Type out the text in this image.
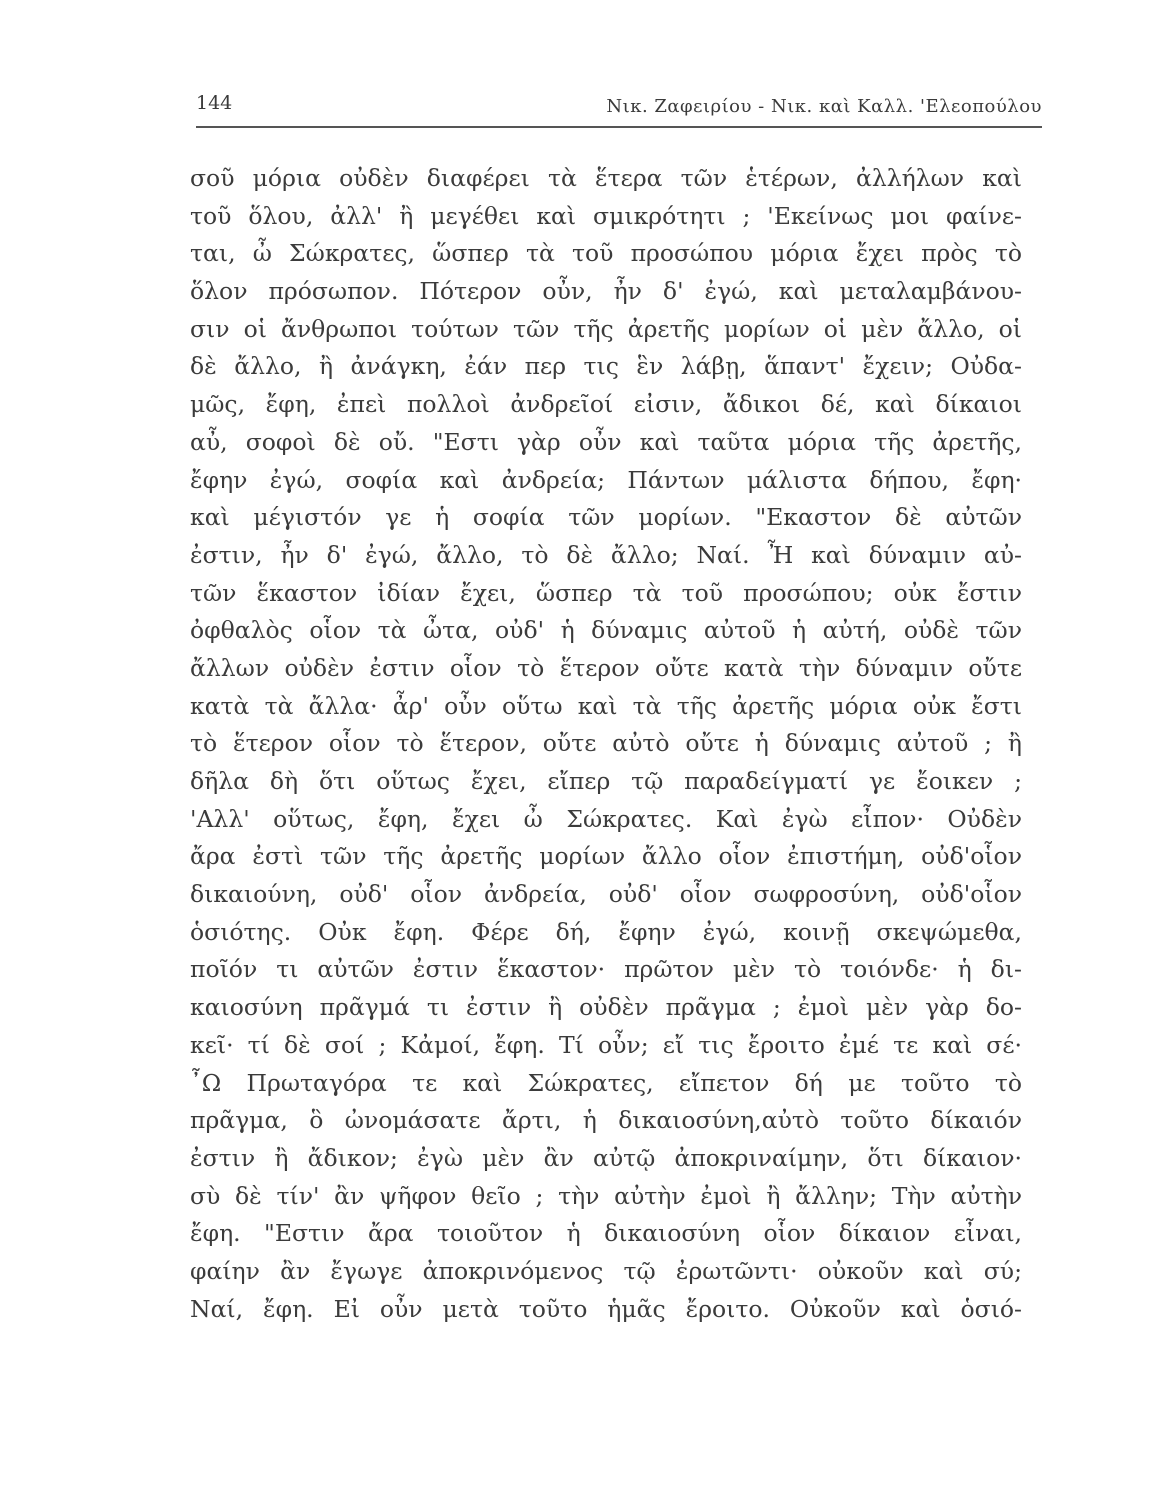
144	Νικ. Ζαφειρίου - Νικ. καὶ Καλλ. 'Ελεοπούλου
σοῦ μόρια οὐδὲν διαφέρει τὰ ἕτερα τῶν ἑτέρων, ἀλλήλων καὶ
τοῦ ὅλου, ἀλλ' ἢ μεγέθει καὶ σμικρότητι ; 'Εκείνως μοι φαίνε-
ται, ὦ Σώκρατες, ὥσπερ τὰ τοῦ προσώπου μόρια ἔχει πρὸς τὸ
ὅλον πρόσωπον. Πότερον οὖν, ἦν δ' ἐγώ, καὶ μεταλαμβάνου-
σιν οἱ ἄνθρωποι τούτων τῶν τῆς ἀρετῆς μορίων οἱ μὲν ἄλλο, οἱ
δὲ ἄλλο, ἢ ἀνάγκη, ἐάν περ τις ἓν λάβῃ, ἅπαντ' ἔχειν; Οὐδα-
μῶς, ἔφη, ἐπεὶ πολλοὶ ἀνδρεῖοί εἰσιν, ἄδικοι δέ, καὶ δίκαιοι
αὖ, σοφοὶ δὲ οὔ. "Εστι γὰρ οὖν καὶ ταῦτα μόρια τῆς ἀρετῆς,
ἔφην ἐγώ, σοφία καὶ ἀνδρεία; Πάντων μάλιστα δήπου, ἔφη·
καὶ μέγιστόν γε ἡ σοφία τῶν μορίων. "Εκαστον δὲ αὐτῶν
ἐστιν, ἦν δ' ἐγώ, ἄλλο, τὸ δὲ ἄλλο; Ναί. Ἦ καὶ δύναμιν αὐ-
τῶν ἕκαστον ἰδίαν ἔχει, ὥσπερ τὰ τοῦ προσώπου; οὐκ ἔστιν
ὀφθαλὸς οἷον τὰ ὦτα, οὐδ' ἡ δύναμις αὐτοῦ ἡ αὐτή, οὐδὲ τῶν
ἄλλων οὐδὲν ἐστιν οἷον τὸ ἕτερον οὔτε κατὰ τὴν δύναμιν οὔτε
κατὰ τὰ ἄλλα· ἆρ' οὖν οὕτω καὶ τὰ τῆς ἀρετῆς μόρια οὐκ ἔστι
τὸ ἕτερον οἷον τὸ ἕτερον, οὔτε αὐτὸ οὔτε ἡ δύναμις αὐτοῦ ; ἢ
δῆλα δὴ ὅτι οὕτως ἔχει, εἴπερ τῷ παραδείγματί γε ἔοικεν ;
'Αλλ' οὕτως, ἔφη, ἔχει ὦ Σώκρατες. Καὶ ἐγὼ εἶπον· Οὐδὲν
ἄρα ἐστὶ τῶν τῆς ἀρετῆς μορίων ἄλλο οἷον ἐπιστήμη, οὐδ'οἷον
δικαιούνη, οὐδ' οἷον ἀνδρεία, οὐδ' οἷον σωφροσύνη, οὐδ'οἷον
ὁσιότης. Οὐκ ἔφη. Φέρε δή, ἔφην ἐγώ, κοινῇ σκεψώμεθα,
ποῖόν τι αὐτῶν ἐστιν ἕκαστον· πρῶτον μὲν τὸ τοιόνδε· ἡ δι-
καιοσύνη πρᾶγμά τι ἐστιν ἢ οὐδὲν πρᾶγμα ; ἐμοὶ μὲν γὰρ δο-
κεῖ· τί δὲ σοί ; Κἀμοί, ἔφη. Τί οὖν; εἴ τις ἔροιτο ἐμέ τε καὶ σέ·
῏Ω Πρωταγόρα τε καὶ Σώκρατες, εἴπετον δή με τοῦτο τὸ
πρᾶγμα, ὃ ὠνομάσατε ἄρτι, ἡ δικαιοσύνη,αὐτὸ τοῦτο δίκαιόν
ἐστιν ἢ ἄδικον; ἐγὼ μὲν ἂν αὐτῷ ἀποκριναίμην, ὅτι δίκαιον·
σὺ δὲ τίν' ἂν ψῆφον θεῖο ; τὴν αὐτὴν ἐμοὶ ἢ ἄλλην; Τὴν αὐτὴν
ἔφη. "Εστιν ἄρα τοιοῦτον ἡ δικαιοσύνη οἷον δίκαιον εἶναι,
φαίην ἂν ἔγωγε ἀποκρινόμενος τῷ ἐρωτῶντι· οὐκοῦν καὶ σύ;
Ναί, ἔφη. Εἰ οὖν μετὰ τοῦτο ἡμᾶς ἔροιτο. Οὐκοῦν καὶ ὁσιό-
